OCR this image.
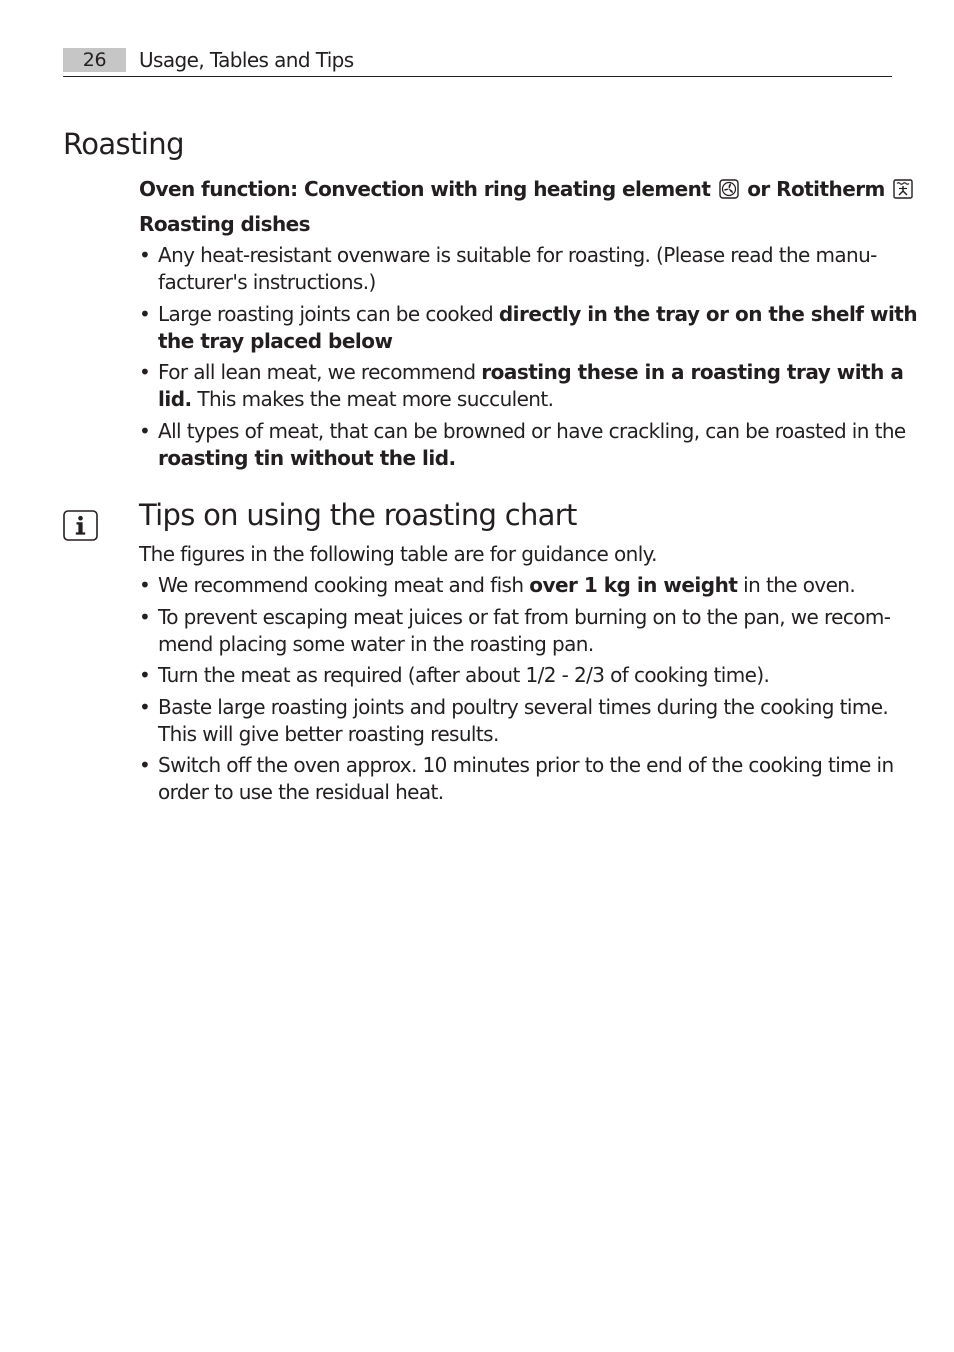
26	Usage, Tables and Tips
Roasting
Oven function: Convection with ring heating element or Rotitherm
Roasting dishes
• Any heat-resistant ovenware is suitable for roasting. (Please read the manu-
facturer's instructions.)
• Large roasting joints can be cooked directly in the tray or on the shelf with
the tray placed below
• For all lean meat, we recommend roasting these in a roasting tray with a
lid. This makes the meat more succulent.
• All types of meat, that can be browned or have crackling, can be roasted in the
roasting tin without the lid.
Tips on using the roasting chart
The figures in the following table are for guidance only.
• We recommend cooking meat and fish over 1 kg in weight in the oven.
• To prevent escaping meat juices or fat from burning on to the pan, we recom-
mend placing some water in the roasting pan.
• Turn the meat as required (after about 1/2 - 2/3 of cooking time).
• Baste large roasting joints and poultry several times during the cooking time.
This will give better roasting results.
• Switch off the oven approx. 10 minutes prior to the end of the cooking time in
order to use the residual heat.
